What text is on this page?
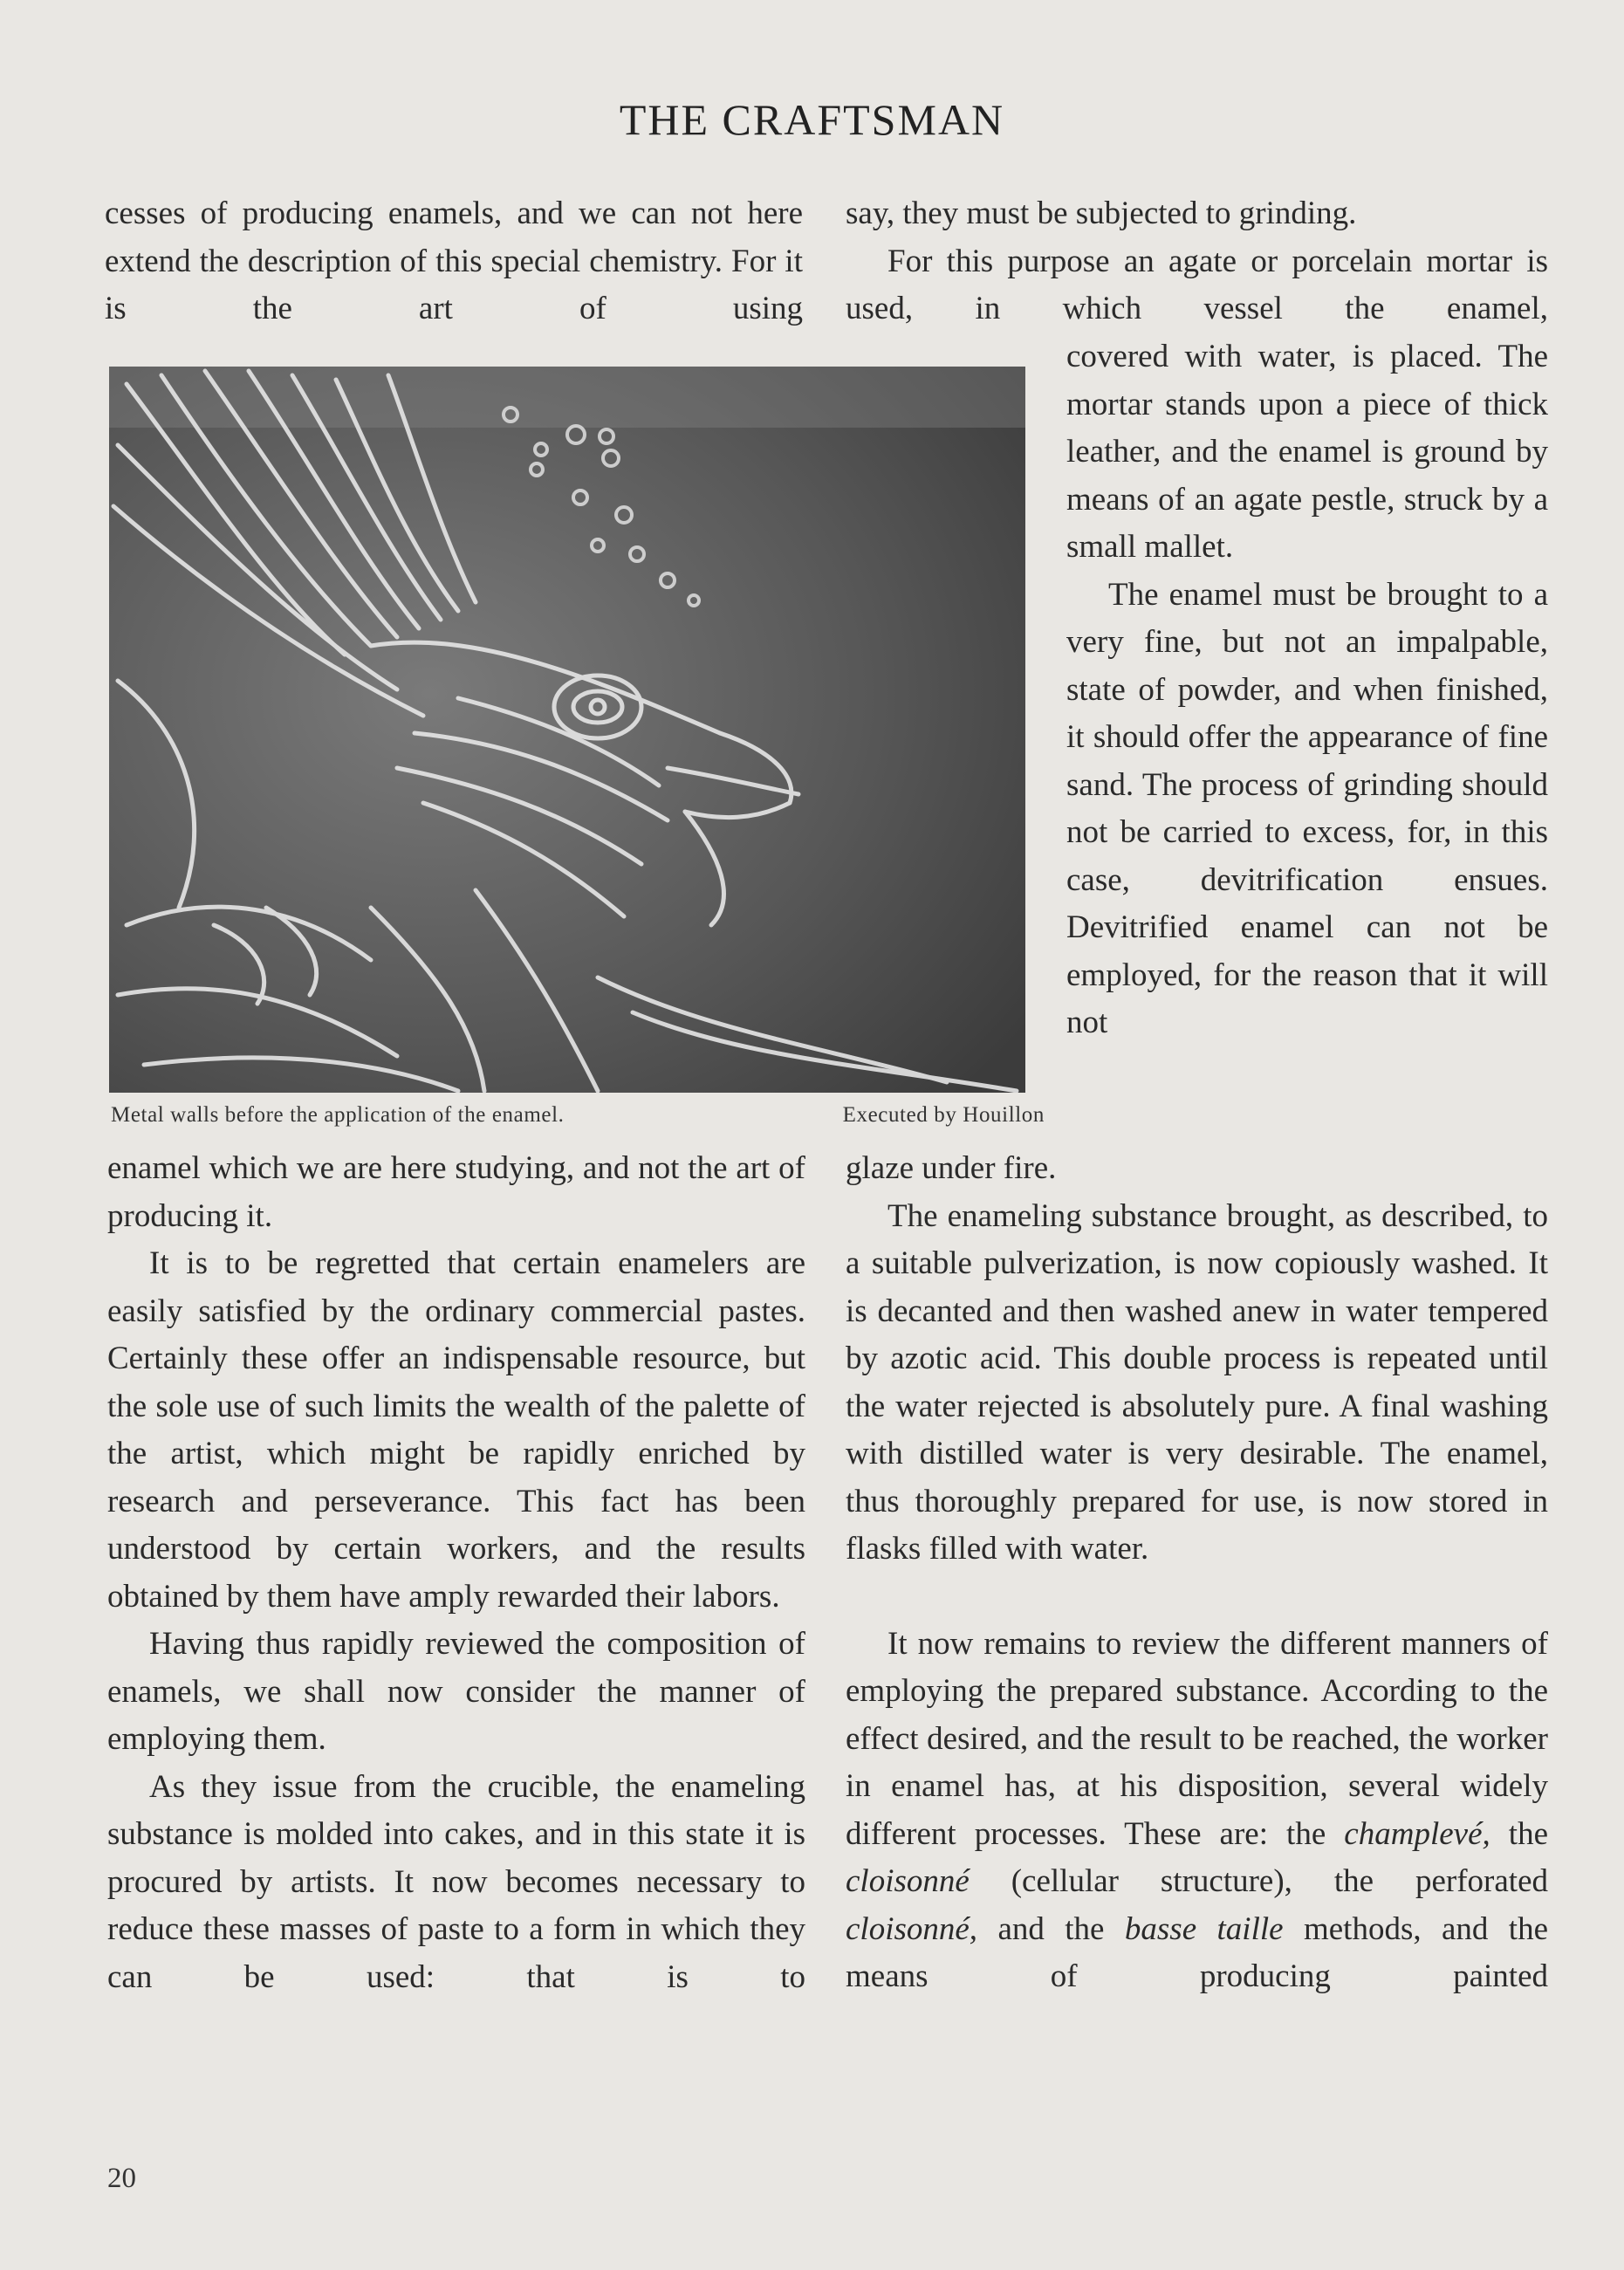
THE CRAFTSMAN

cesses of producing enamels, and we can not here extend the description of this special chemistry. For it is the art of using

Metal walls before the application of the enamel.	Executed by Houillon

enamel which we are here studying, and not the art of producing it.

It is to be regretted that certain enamelers are easily satisfied by the ordinary commercial pastes. Certainly these offer an indispensable resource, but the sole use of such limits the wealth of the palette of the artist, which might be rapidly enriched by research and perseverance. This fact has been understood by certain workers, and the results obtained by them have amply rewarded their labors.

Having thus rapidly reviewed the composition of enamels, we shall now consider the manner of employing them.

As they issue from the crucible, the enameling substance is molded into cakes, and in this state it is procured by artists. It now becomes necessary to reduce these masses of paste to a form in which they can be used: that is to

say, they must be subjected to grinding.

For this purpose an agate or porcelain mortar is used, in which vessel the enamel,

covered with water, is placed. The mortar stands upon a piece of thick leather, and the enamel is ground by means of an agate pestle, struck by a small mallet.

The enamel must be brought to a very fine, but not an impalpable, state of powder, and when finished, it should offer the appearance of fine sand. The process of grinding should not be carried to excess, for, in this case, devitrification ensues. Devitrified enamel can not be employed, for the reason that it will not

glaze under fire.

The enameling substance brought, as described, to a suitable pulverization, is now copiously washed. It is decanted and then washed anew in water tempered by azotic acid. This double process is repeated until the water rejected is absolutely pure. A final washing with distilled water is very desirable. The enamel, thus thoroughly prepared for use, is now stored in flasks filled with water.

It now remains to review the different manners of employing the prepared substance. According to the effect desired, and the result to be reached, the worker in enamel has, at his disposition, several widely different processes. These are: the champlevé, the cloisonné (cellular structure), the perforated cloisonné, and the basse taille methods, and the means of producing painted

20
